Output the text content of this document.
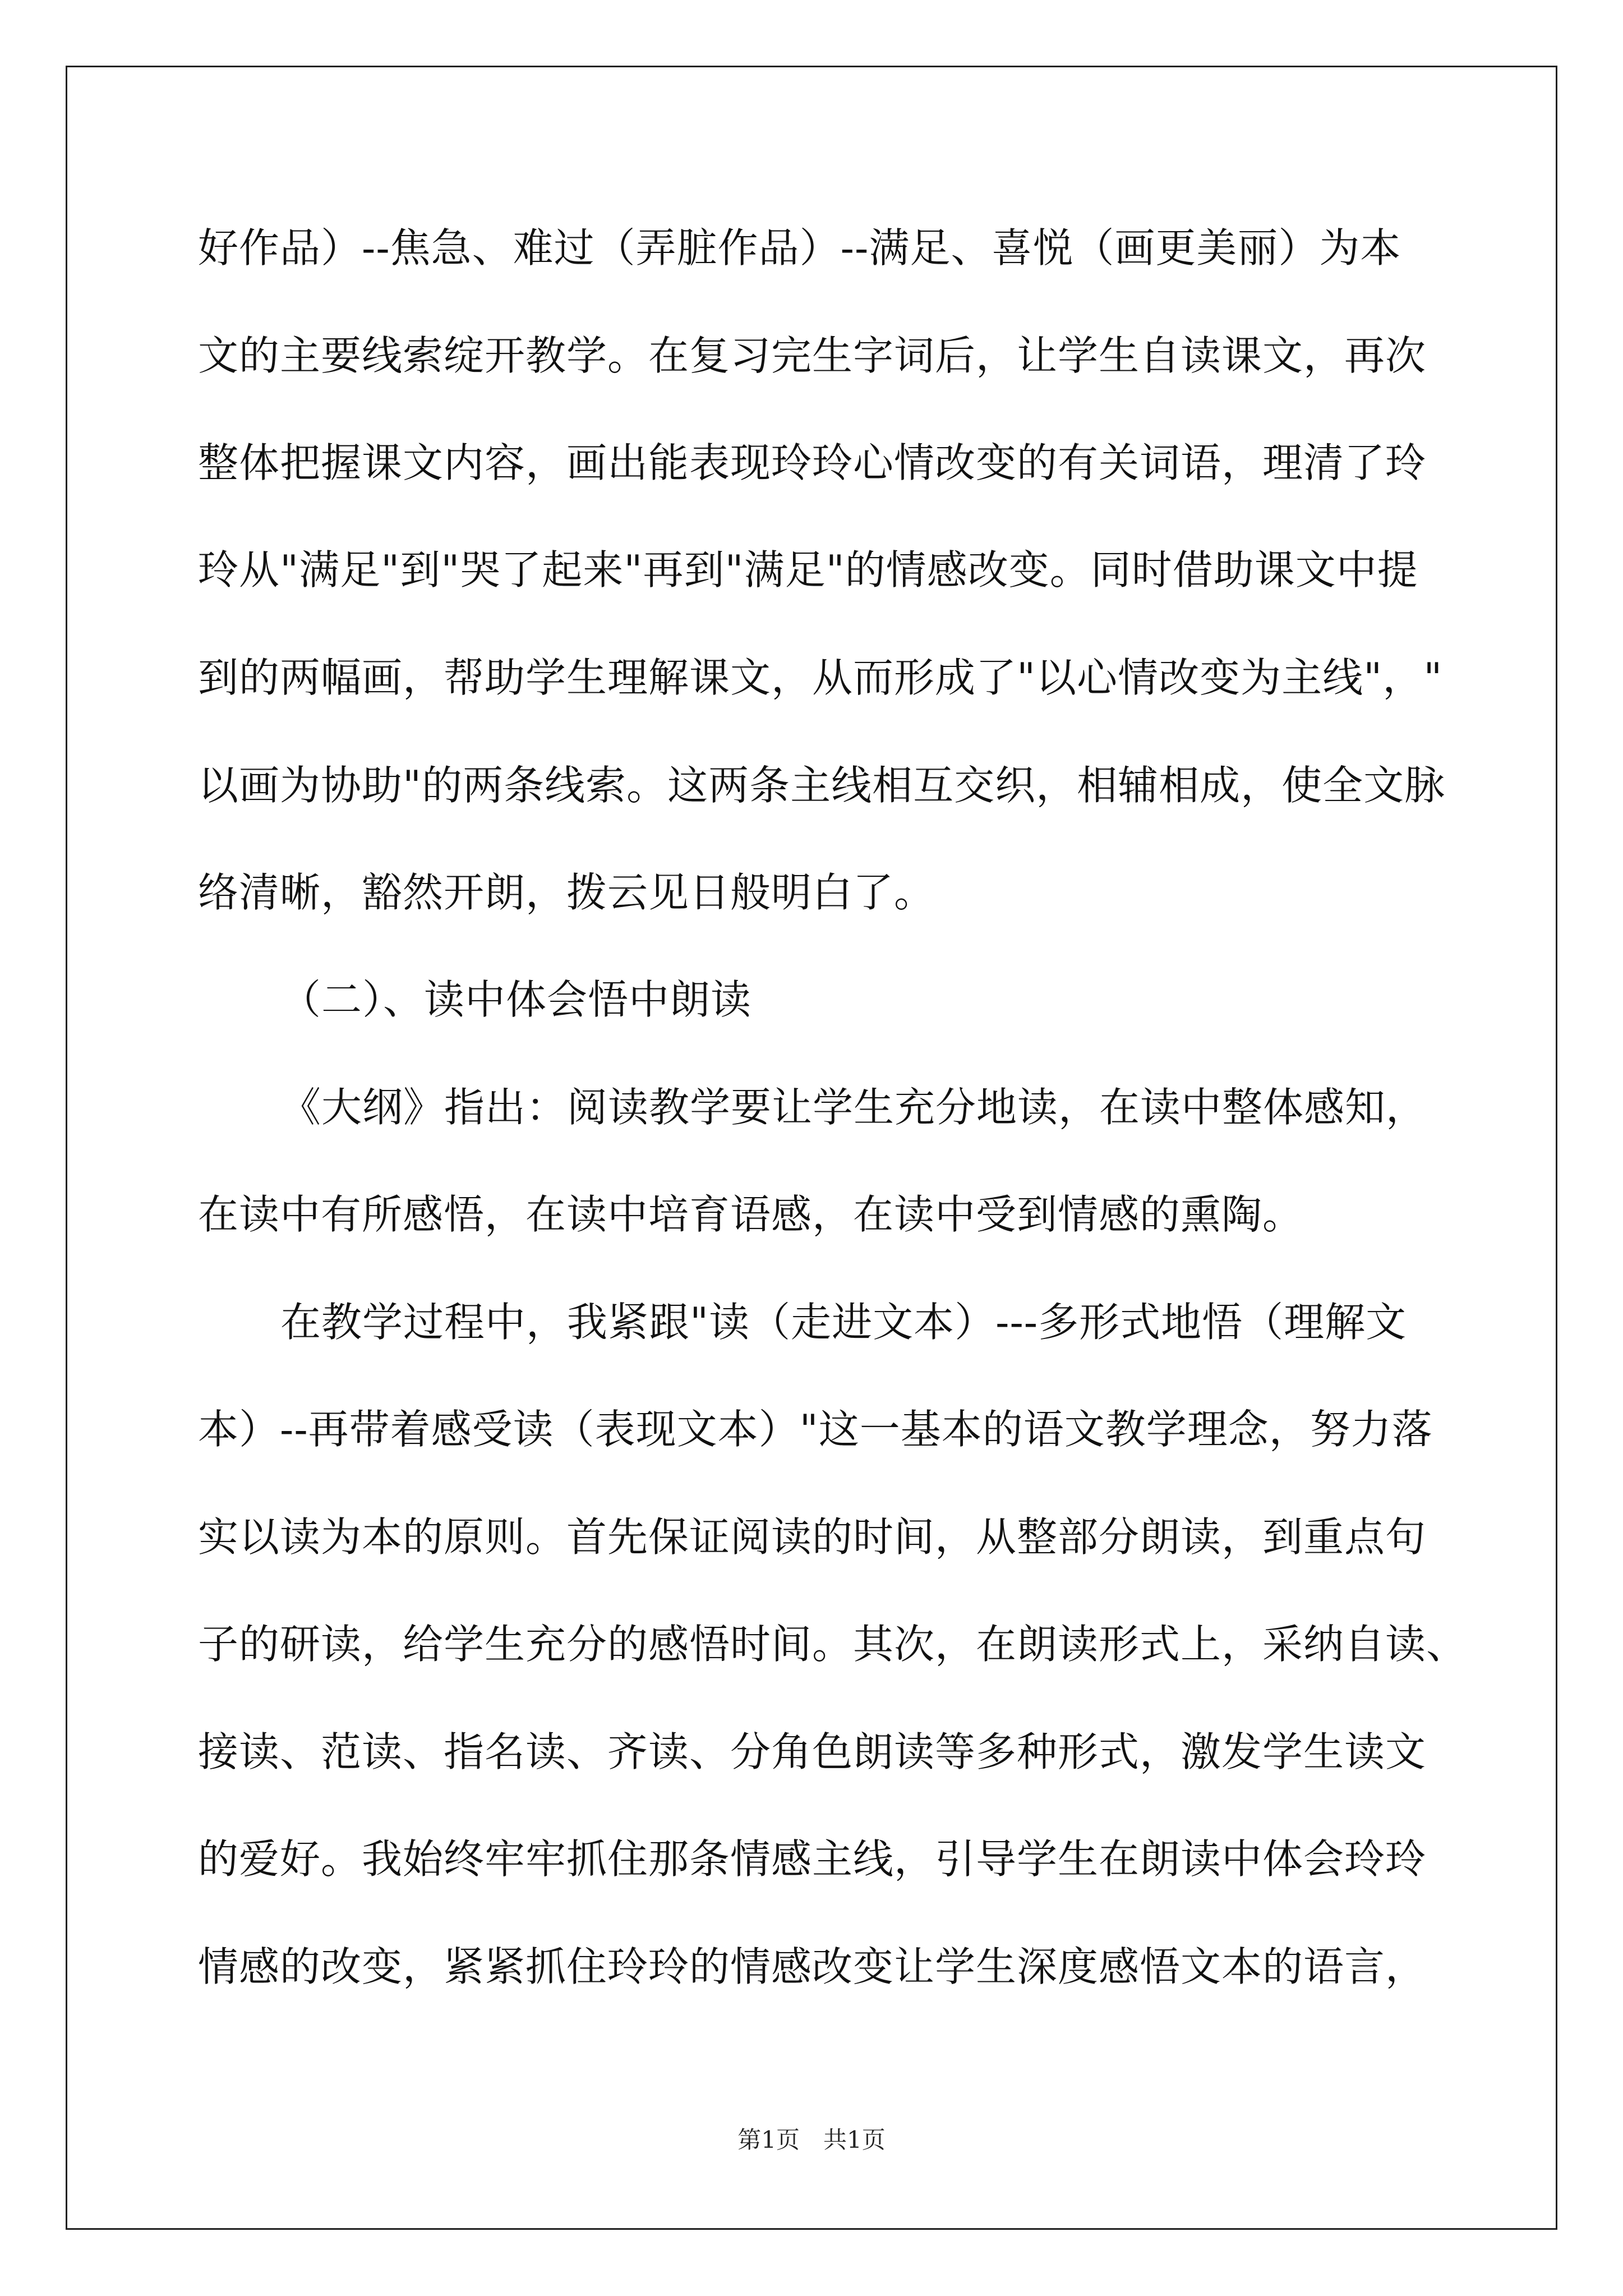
好作品）--焦急、难过（弄脏作品）--满足、喜悦（画更美丽）为本
文的主要线索绽开教学。在复习完生字词后，让学生自读课文，再次
整体把握课文内容，画出能表现玲玲心情改变的有关词语，理清了玲
玲从"满足"到"哭了起来"再到"满足"的情感改变。同时借助课文中提
到的两幅画，帮助学生理解课文，从而形成了"以心情改变为主线"，"
以画为协助"的两条线索。这两条主线相互交织，相辅相成，使全文脉
络清晰，豁然开朗，拨云见日般明白了。
（二）、读中体会悟中朗读
《大纲》指出：阅读教学要让学生充分地读，在读中整体感知，
在读中有所感悟，在读中培育语感，在读中受到情感的熏陶。
在教学过程中，我紧跟"读（走进文本）---多形式地悟（理解文
本）--再带着感受读（表现文本）"这一基本的语文教学理念，努力落
实以读为本的原则。首先保证阅读的时间，从整部分朗读，到重点句
子的研读，给学生充分的感悟时间。其次，在朗读形式上，采纳自读、
接读、范读、指名读、齐读、分角色朗读等多种形式，激发学生读文
的爱好。我始终牢牢抓住那条情感主线，引导学生在朗读中体会玲玲
情感的改变，紧紧抓住玲玲的情感改变让学生深度感悟文本的语言，
第1页　共1页
